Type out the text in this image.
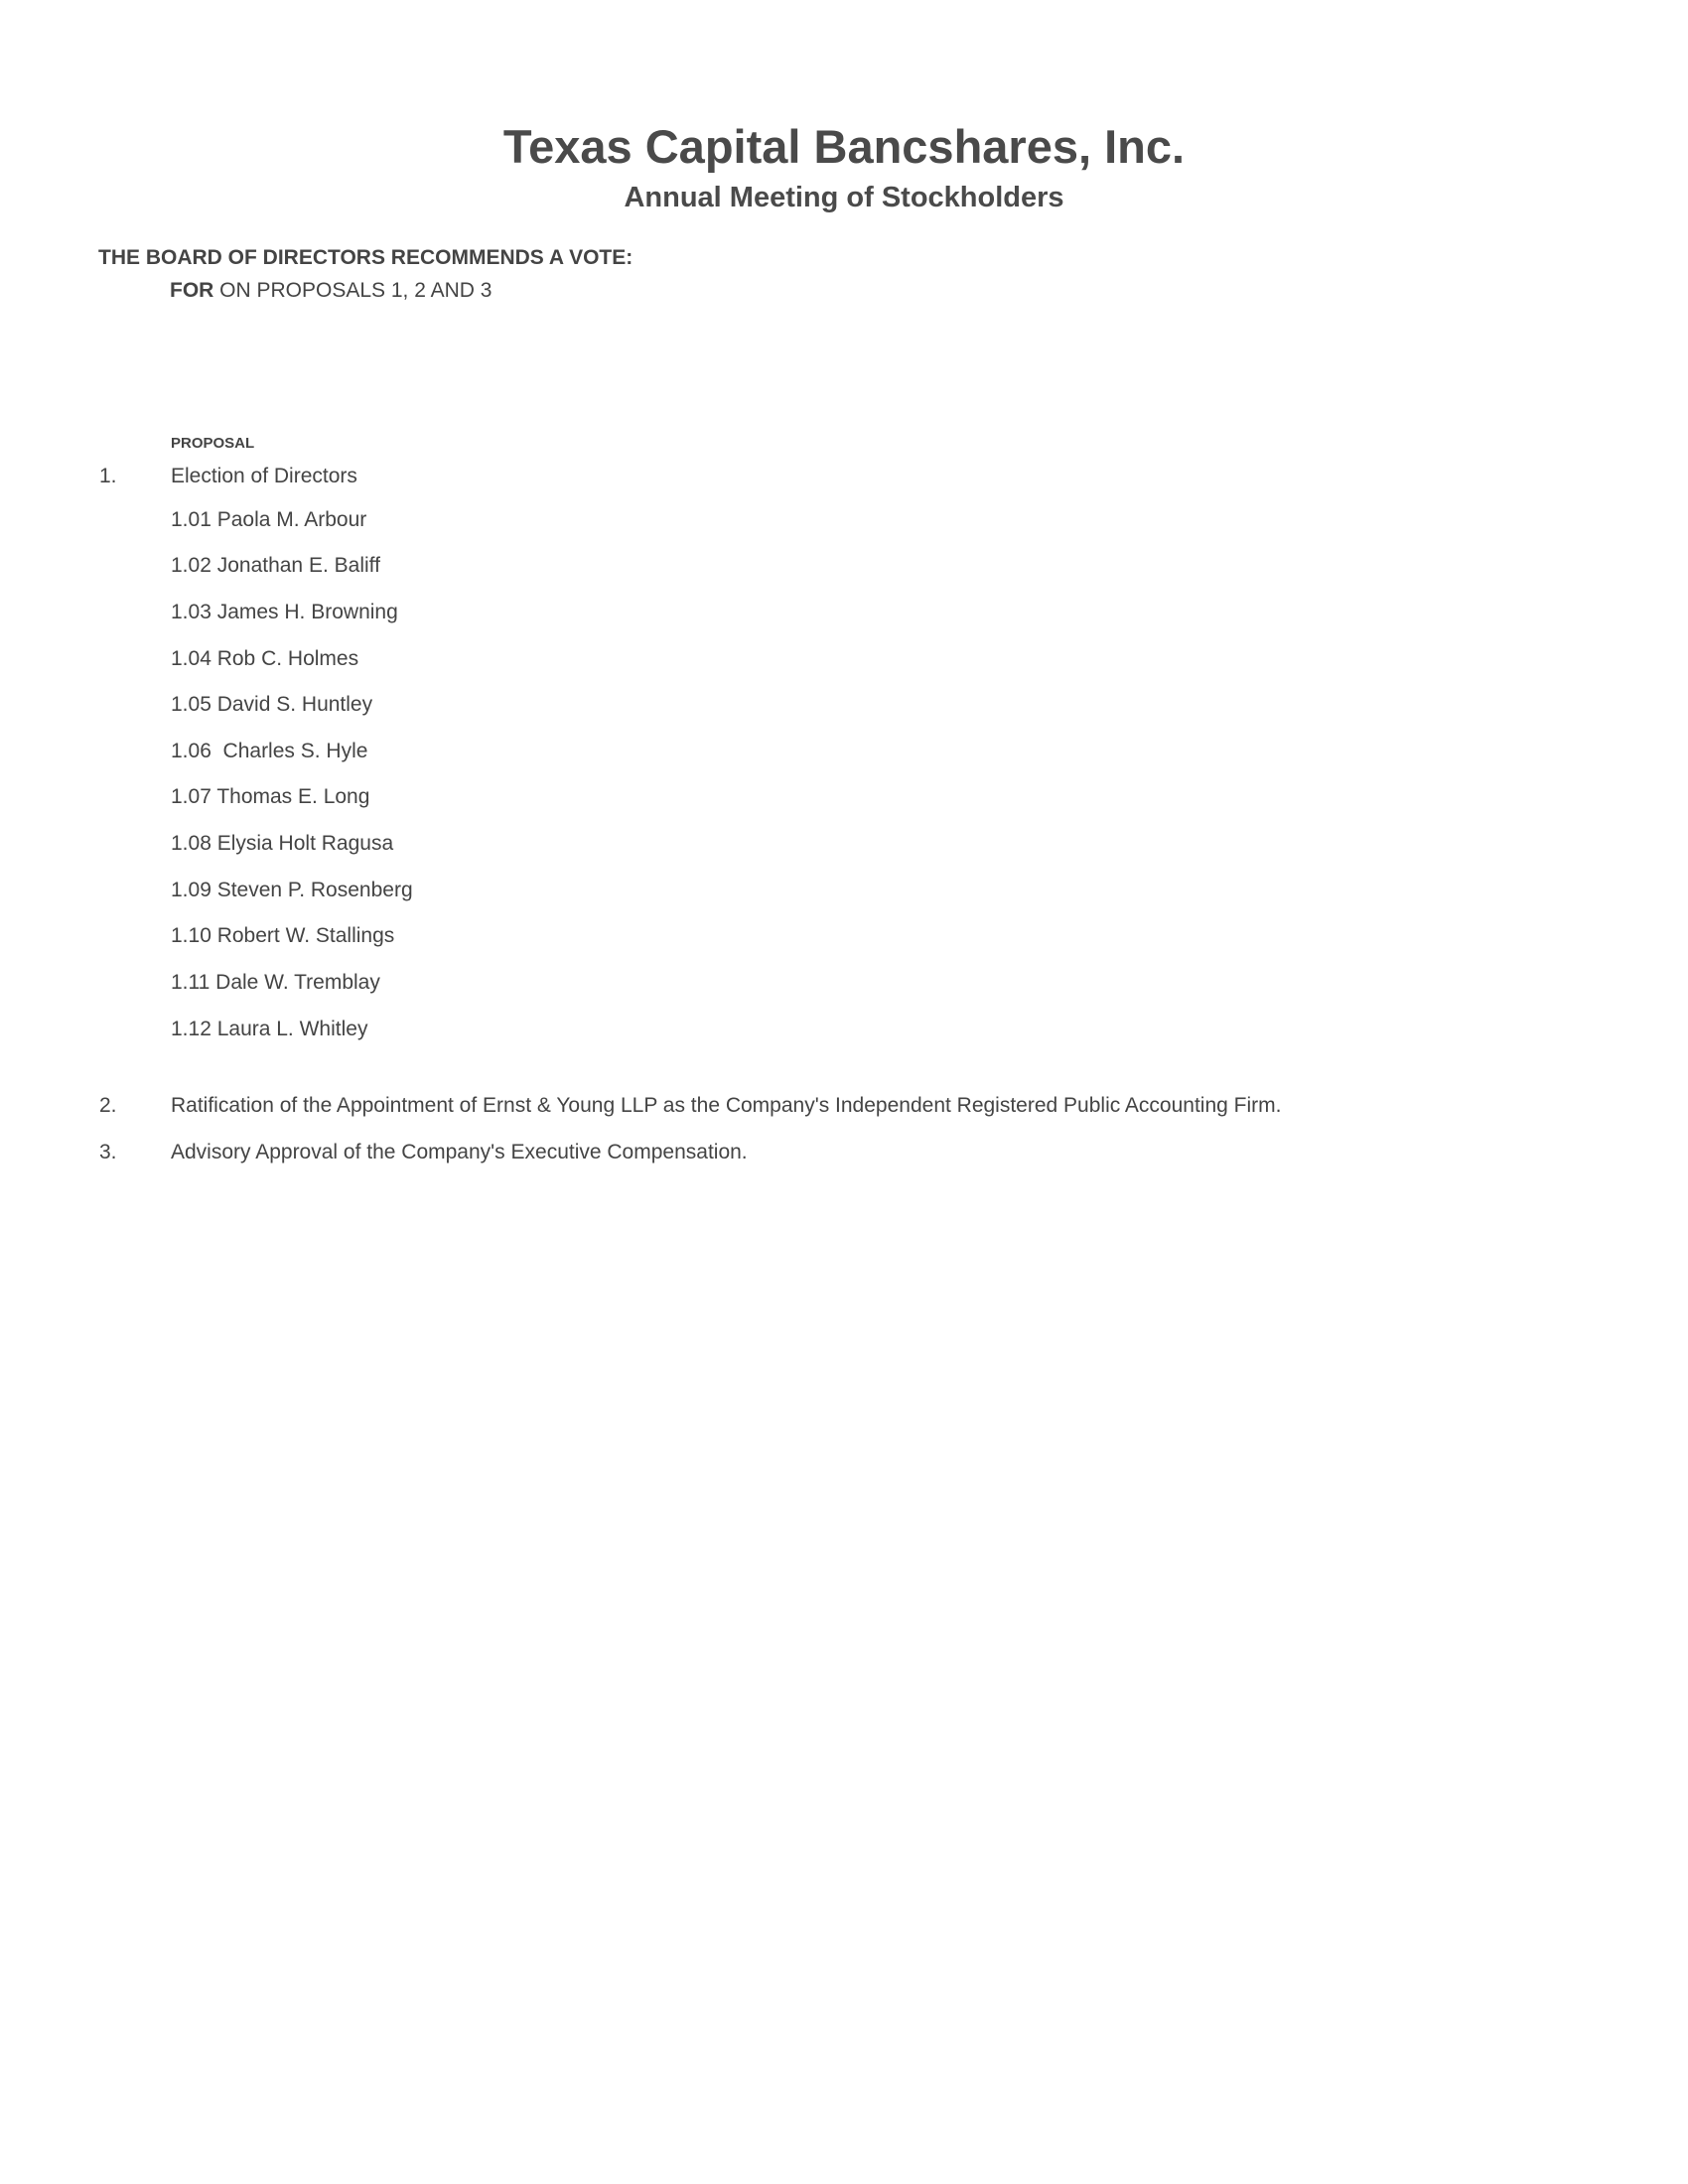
Texas Capital Bancshares, Inc.
Annual Meeting of Stockholders
THE BOARD OF DIRECTORS RECOMMENDS A VOTE:
FOR ON PROPOSALS 1, 2 AND 3
PROPOSAL
1.	Election of Directors
1.01 Paola M. Arbour
1.02 Jonathan E. Baliff
1.03 James H. Browning
1.04 Rob C. Holmes
1.05 David S. Huntley
1.06  Charles S. Hyle
1.07 Thomas E. Long
1.08 Elysia Holt Ragusa
1.09 Steven P. Rosenberg
1.10 Robert W. Stallings
1.11 Dale W. Tremblay
1.12 Laura L. Whitley
2.	Ratification of the Appointment of Ernst & Young LLP as the Company's Independent Registered Public Accounting Firm.
3.	Advisory Approval of the Company's Executive Compensation.
